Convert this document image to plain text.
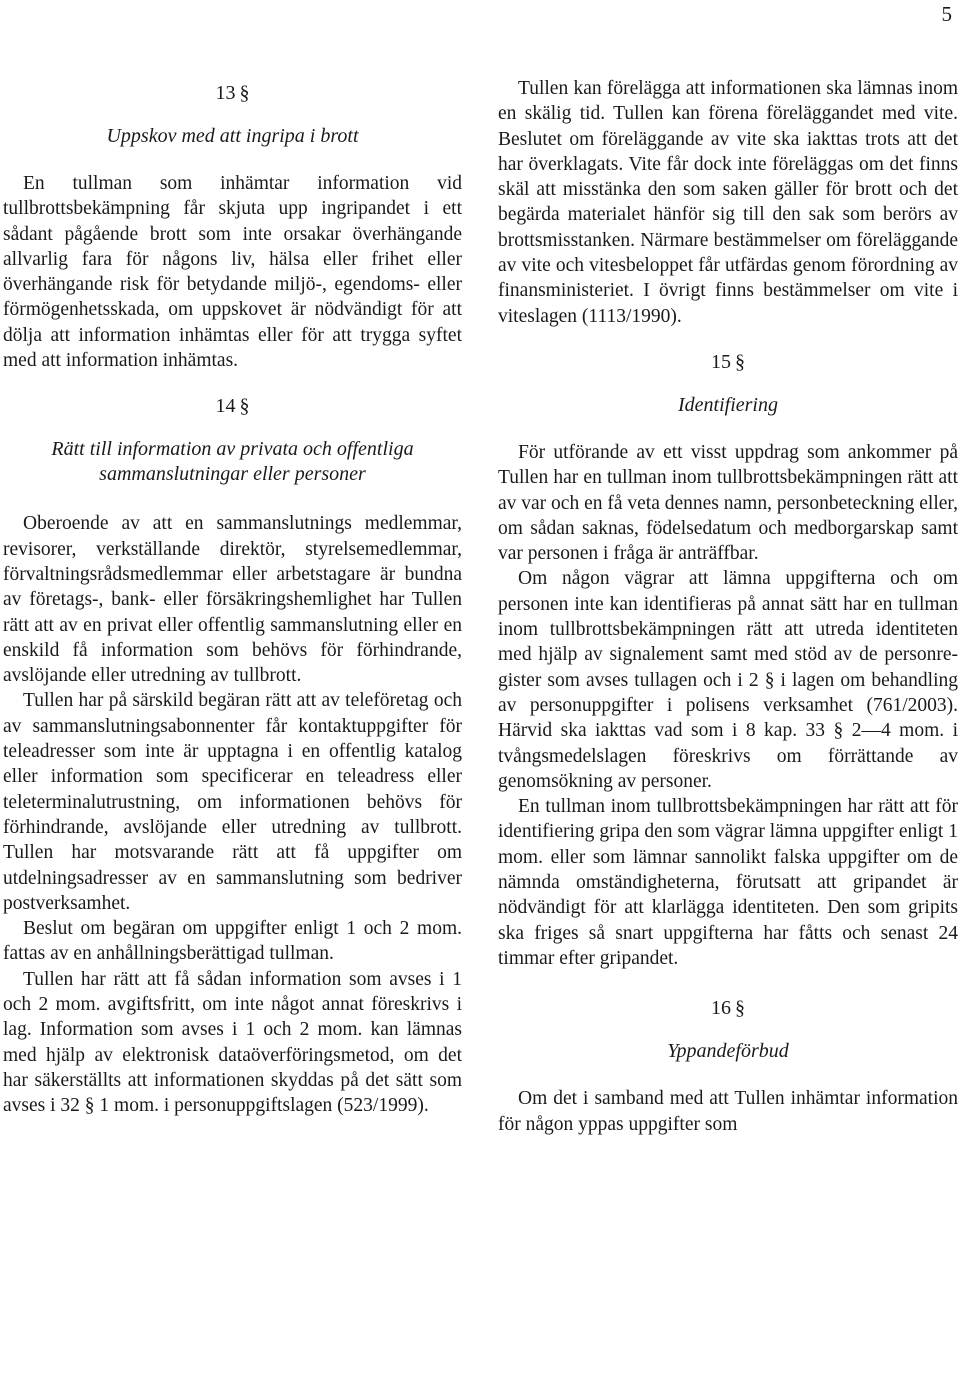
5
13 §
Uppskov med att ingripa i brott

En tullman som inhämtar information vid tullbrottsbekämpning får skjuta upp ingripandet i ett sådant pågående brott som inte orsakar överhängande allvarlig fara för någons liv, hälsa eller frihet eller överhängande risk för betydande miljö-, egendoms- eller förmögenhetsskada, om uppskovet är nödvändigt för att dölja att information inhämtas eller för att trygga syftet med att information inhämtas.

14 §
Rätt till information av privata och offentliga
sammanslutningar eller personer

Oberoende av att en sammanslutnings medlemmar, revisorer, verkställande direktör, styrelsemedlemmar, förvaltningsrådsmedlemmar eller arbetstagare är bundna av företags-, bank- eller försäkringshemlighet har Tullen rätt att av en privat eller offentlig sammanslutning eller en enskild få information som behövs för förhindrande, avslöjande eller utredning av tullbrott.

Tullen har på särskild begäran rätt att av teleföretag och av sammanslutningsabonnenter får kontaktuppgifter för teleadresser som inte är upptagna i en offentlig katalog eller information som specificerar en teleadress eller teleterminalutrustning, om informationen behövs för förhindrande, avslöjande eller utredning av tullbrott. Tullen har motsvarande rätt att få uppgifter om utdelningsadresser av en sammanslutning som bedriver postverksamhet.

Beslut om begäran om uppgifter enligt 1 och 2 mom. fattas av en anhållningsberättigad tullman.

Tullen har rätt att få sådan information som avses i 1 och 2 mom. avgiftsfritt, om inte något annat föreskrivs i lag. Information som avses i 1 och 2 mom. kan lämnas med hjälp av elektronisk dataöverföringsmetod, om det har säkerställts att informationen skyddas på det sätt som avses i 32 § 1 mom. i personuppgiftslagen (523/1999).

Tullen kan förelägga att informationen ska lämnas inom en skälig tid. Tullen kan förena föreläggandet med vite. Beslutet om föreläggande av vite ska iakttas trots att det har överklagats. Vite får dock inte föreläggas om det finns skäl att misstänka den som saken gäller för brott och det begärda materialet hänför sig till den sak som berörs av brottsmisstanken. Närmare bestämmelser om föreläggande av vite och vitesbeloppet får utfärdas genom förordning av finansministeriet. I övrigt finns bestämmelser om vite i viteslagen (1113/1990).

15 §
Identifiering

För utförande av ett visst uppdrag som ankommer på Tullen har en tullman inom tullbrottsbekämpningen rätt att av var och en få veta dennes namn, personbeteckning eller, om sådan saknas, födelsedatum och medborgarskap samt var personen i fråga är anträffbar.

Om någon vägrar att lämna uppgifterna och om personen inte kan identifieras på annat sätt har en tullman inom tullbrottsbekämpningen rätt att utreda identiteten med hjälp av signalement samt med stöd av de personregister som avses tullagen och i 2 § i lagen om behandling av personuppgifter i polisens verksamhet (761/2003). Härvid ska iakttas vad som i 8 kap. 33 § 2—4 mom. i tvångsmedelslagen föreskrivs om förrättande av genomsökning av personer.

En tullman inom tullbrottsbekämpningen har rätt att för identifiering gripa den som vägrar lämna uppgifter enligt 1 mom. eller som lämnar sannolikt falska uppgifter om de nämnda omständigheterna, förutsatt att gripandet är nödvändigt för att klarlägga identiteten. Den som gripits ska friges så snart uppgifterna har fåtts och senast 24 timmar efter gripandet.

16 §
Yppandeförbud

Om det i samband med att Tullen inhämtar information för någon yppas uppgifter som
